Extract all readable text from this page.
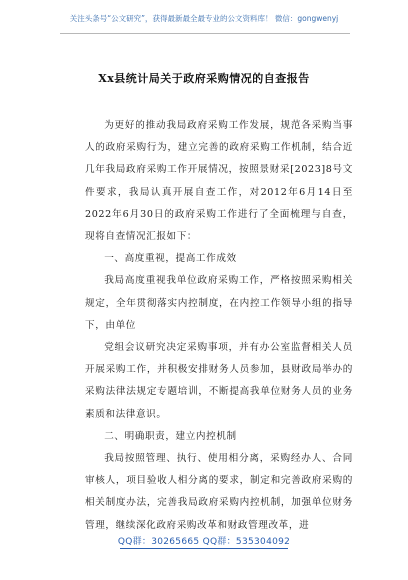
关注头条号“公文研究”，获得最新最全最专业的公文资料库！ 微信：gongwenyj
Xx县统计局关于政府采购情况的自查报告

为更好的推动我局政府采购工作发展，规范各采购当事人的政府采购行为，建立完善的政府采购工作机制，结合近几年我局政府采购工作开展情况，按照景财采[2023]8号文件要求，我局认真开展自查工作，对2012年6月14日至2022年6月30日的政府采购工作进行了全面梳理与自查，现将自查情况汇报如下：

一、高度重视，提高工作成效

我局高度重视我单位政府采购工作，严格按照采购相关规定，全年贯彻落实内控制度，在内控工作领导小组的指导下，由单位

党组会议研究决定采购事项，并有办公室监督相关人员开展采购工作，并积极安排财务人员参加，县财政局举办的采购法律法规定专题培训，不断提高我单位财务人员的业务素质和法律意识。

二、明确职责，建立内控机制

我局按照管理、执行、使用相分离，采购经办人、合同审核人，项目验收人相分离的要求，制定和完善政府采购的相关制度办法，完善我局政府采购内控机制，加强单位财务管理，继续深化政府采购改革和财政管理改革，进

QQ群：30265665 QQ群：535304092
